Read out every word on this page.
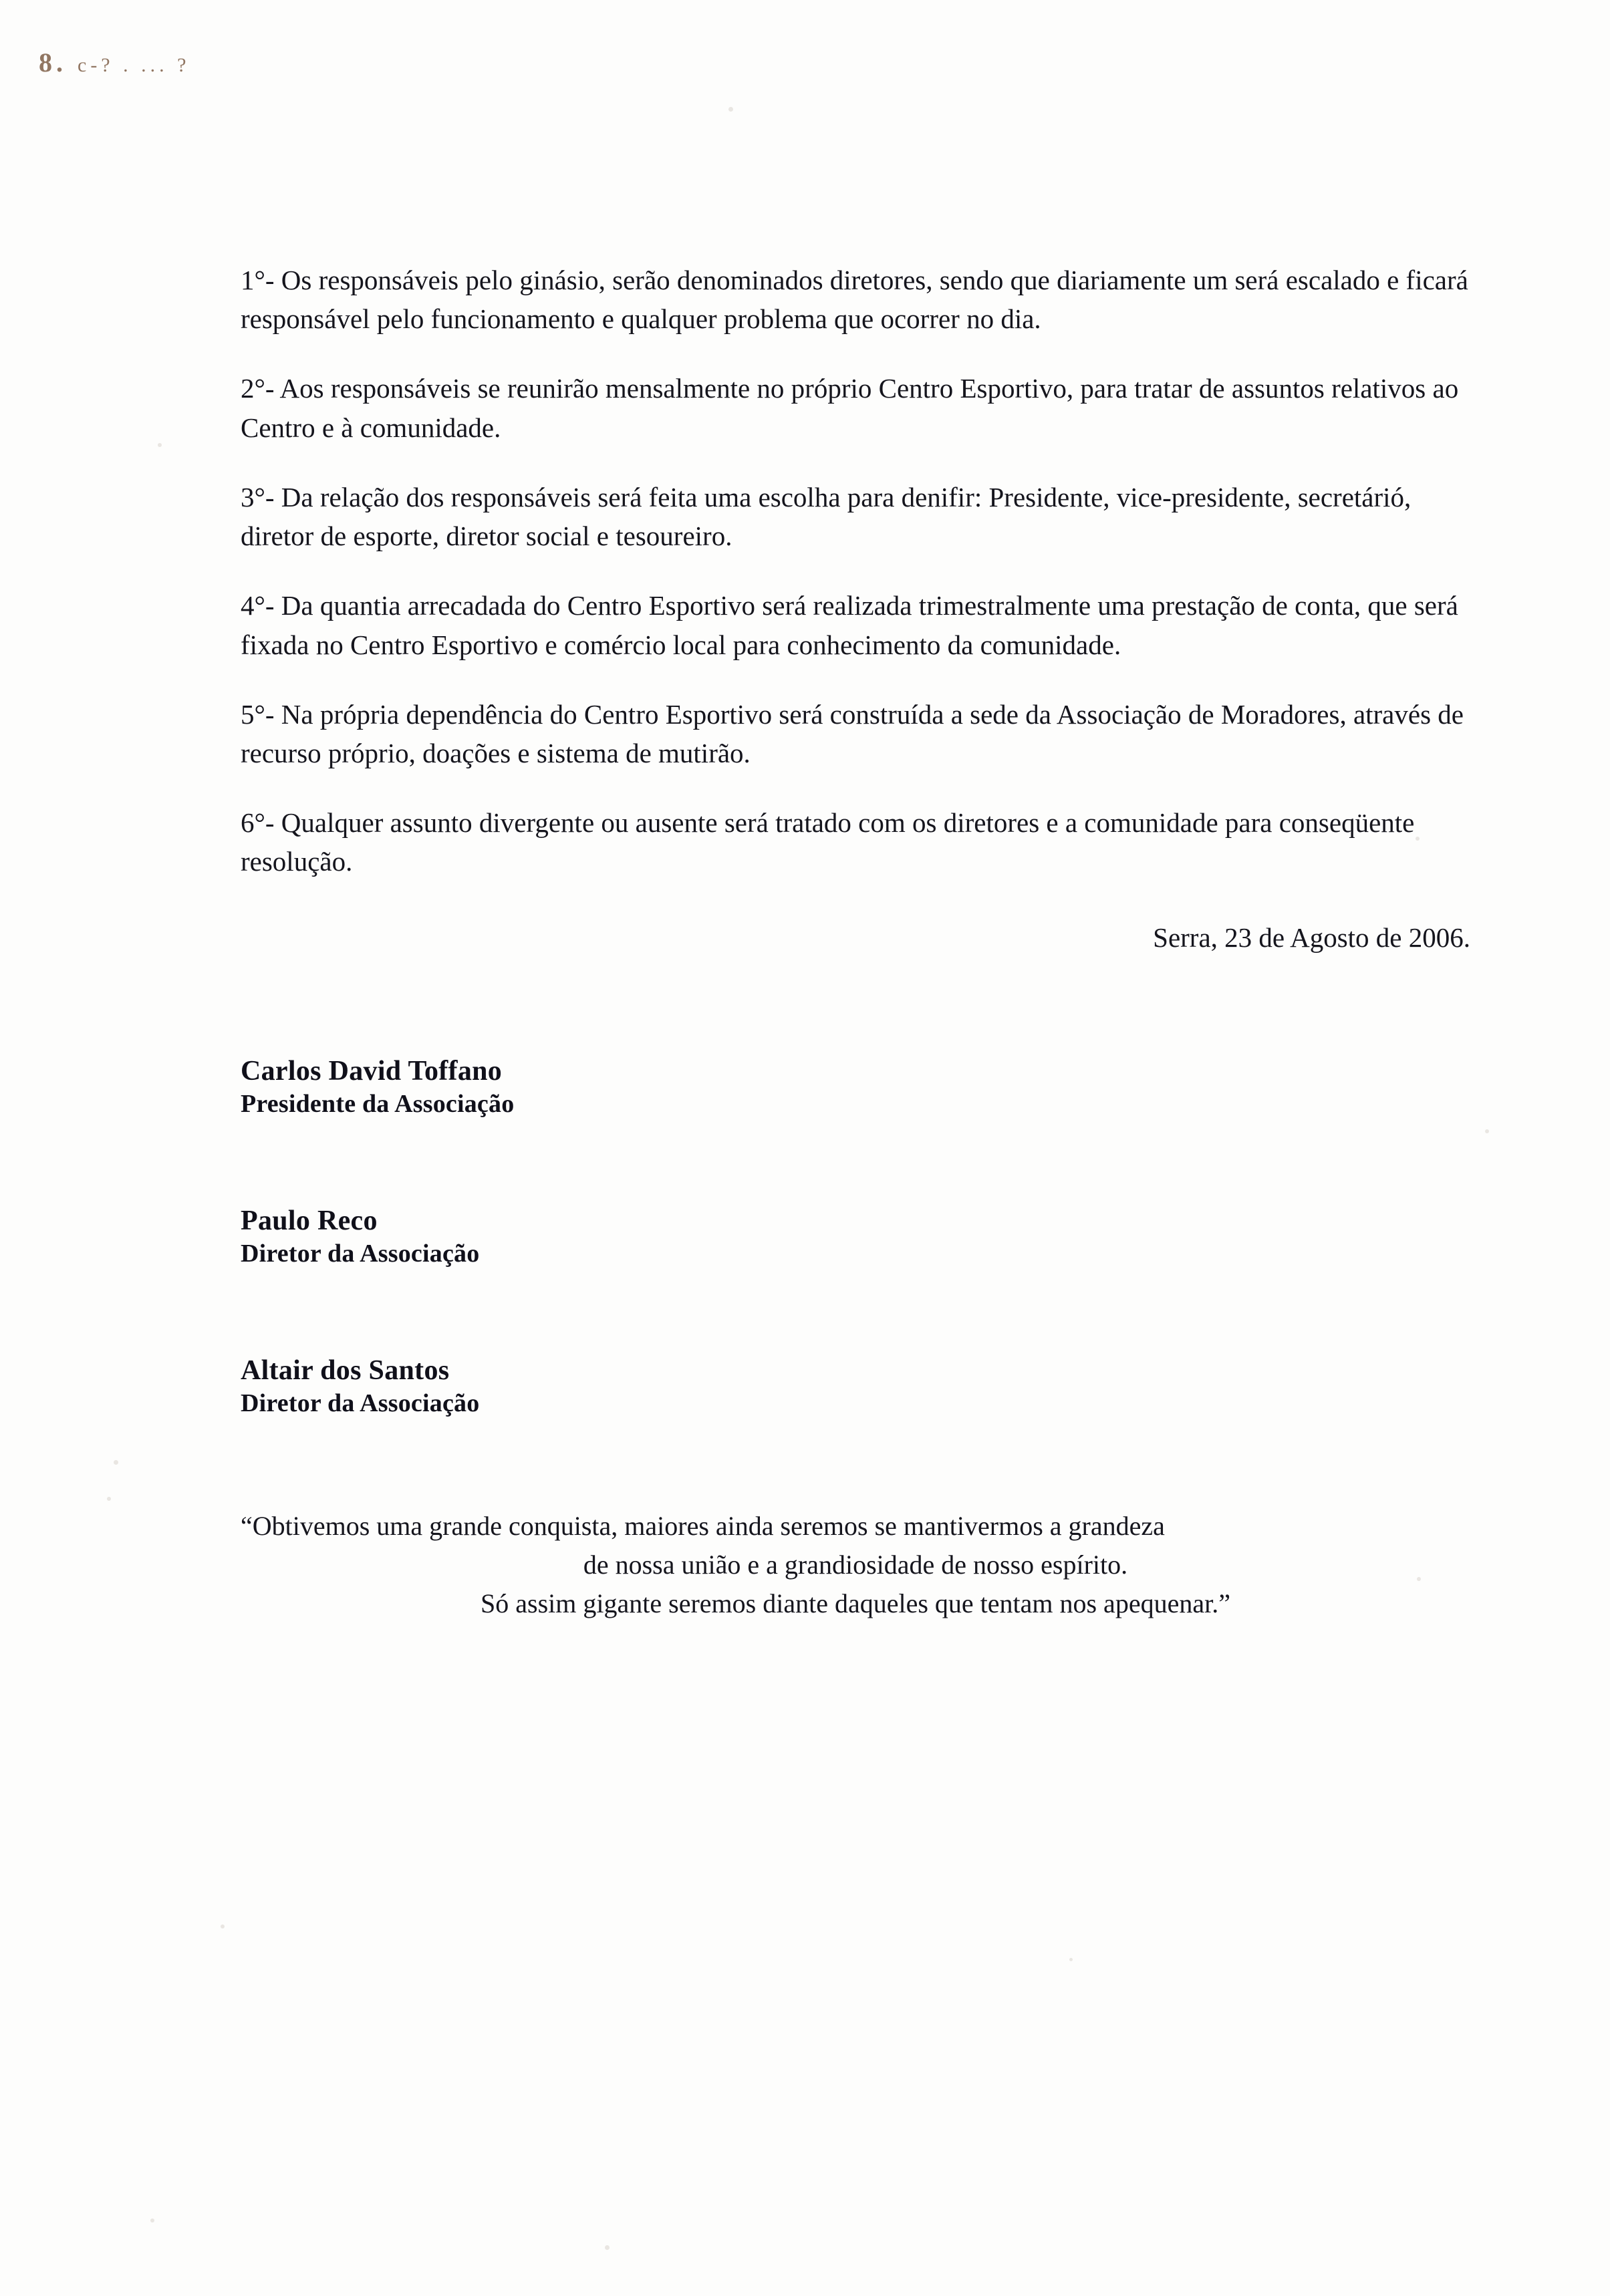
8. c-? . ... ?

1°- Os responsáveis pelo ginásio, serão denominados diretores, sendo que diariamente um será escalado e ficará responsável pelo funcionamento e qualquer problema que ocorrer no dia.

2°- Aos responsáveis se reunirão mensalmente no próprio Centro Esportivo, para tratar de assuntos relativos ao Centro e à comunidade.

3°- Da relação dos responsáveis será feita uma escolha para denifir: Presidente, vice-presidente, secretárió, diretor de esporte, diretor social e tesoureiro.

4°- Da quantia arrecadada do Centro Esportivo será realizada trimestralmente uma prestação de conta, que será fixada no Centro Esportivo e comércio local para conhecimento da comunidade.

5°- Na própria dependência do Centro Esportivo será construída a sede da Associação de Moradores, através de recurso próprio, doações e sistema de mutirão.

6°- Qualquer assunto divergente ou ausente será tratado com os diretores e a comunidade para conseqüente resolução.

Serra, 23 de Agosto de 2006.

Carlos David Toffano
Presidente da Associação
Paulo Reco
Diretor da Associação
Altair dos Santos
Diretor da Associação
“Obtivemos uma grande conquista, maiores ainda seremos se mantivermos a grandeza
de nossa união e a grandiosidade de nosso espírito.
Só assim gigante seremos diante daqueles que tentam nos apequenar.”
